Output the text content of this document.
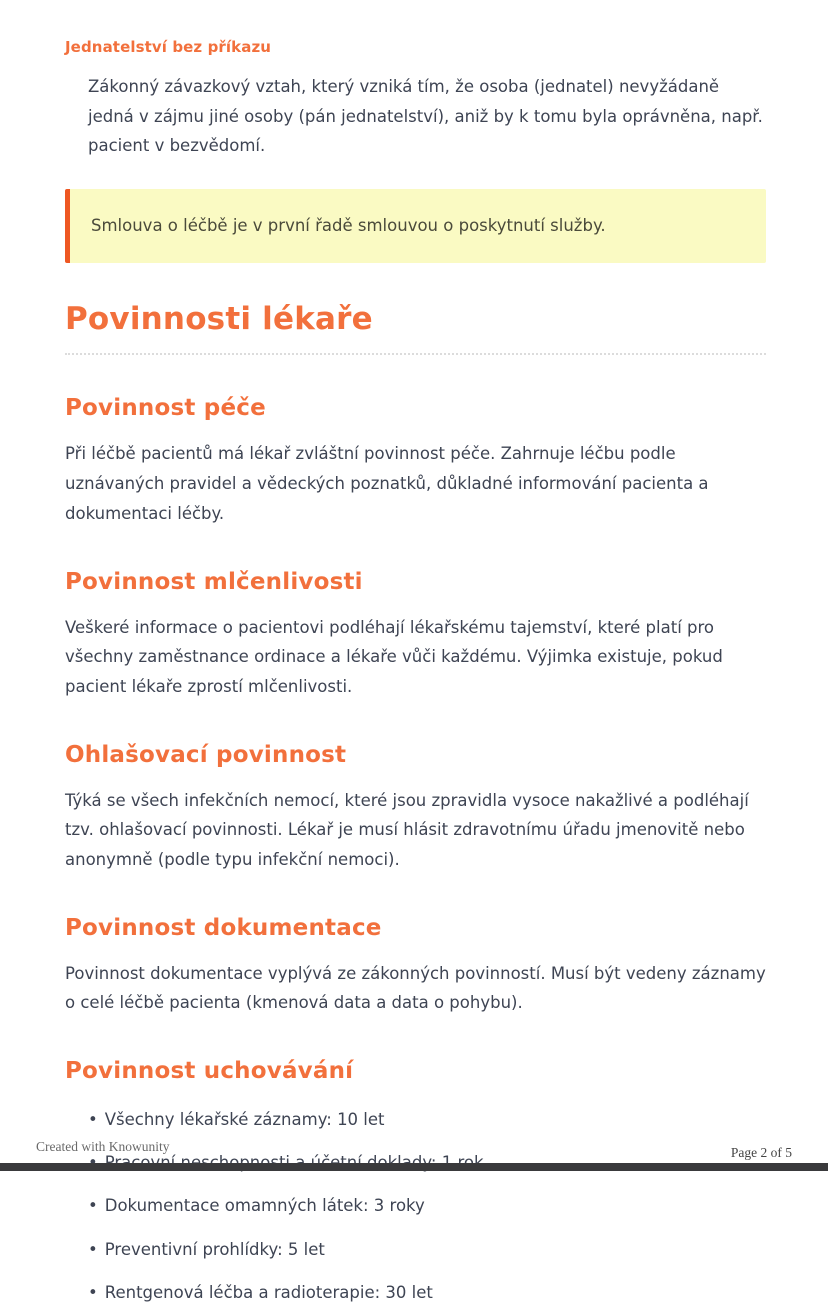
Jednatelství bez příkazu

Zákonný závazkový vztah, který vzniká tím, že osoba (jednatel) nevyžádaně jedná v zájmu jiné osoby (pán jednatelství), aniž by k tomu byla oprávněna, např. pacient v bezvědomí.

Smlouva o léčbě je v první řadě smlouvou o poskytnutí služby.
Povinnosti lékaře
Povinnost péče

Při léčbě pacientů má lékař zvláštní povinnost péče. Zahrnuje léčbu podle uznávaných pravidel a vědeckých poznatků, důkladné informování pacienta a dokumentaci léčby.

Povinnost mlčenlivosti

Veškeré informace o pacientovi podléhají lékařskému tajemství, které platí pro všechny zaměstnance ordinace a lékaře vůči každému. Výjimka existuje, pokud pacient lékaře zprostí mlčenlivosti.

Ohlašovací povinnost

Týká se všech infekčních nemocí, které jsou zpravidla vysoce nakažlivé a podléhají tzv. ohlašovací povinnosti. Lékař je musí hlásit zdravotnímu úřadu jmenovitě nebo anonymně (podle typu infekční nemoci).

Povinnost dokumentace

Povinnost dokumentace vyplývá ze zákonných povinností. Musí být vedeny záznamy o celé léčbě pacienta (kmenová data a data o pohybu).

Povinnost uchovávání
• Všechny lékařské záznamy: 10 let
• Dokumentace omamných látek: 3 roky
• Preventivní prohlídky: 5 let
• Rentgenová léčba a radioterapie: 30 let
Created with Knowunity	Page 2 of 5
